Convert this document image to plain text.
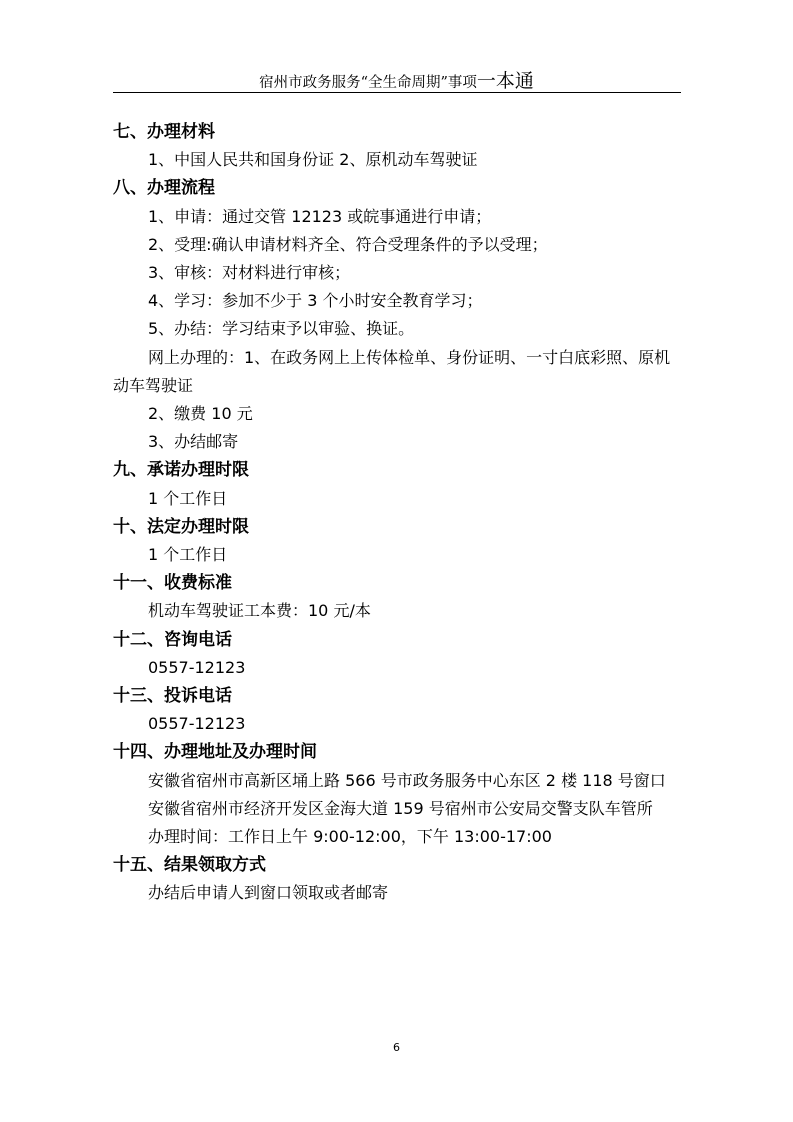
宿州市政务服务“全生命周期”事项一本通
七、办理材料
1、中国人民共和国身份证 2、原机动车驾驶证
八、办理流程
1、申请：通过交管 12123 或皖事通进行申请；
2、受理:确认申请材料齐全、符合受理条件的予以受理；
3、审核：对材料进行审核；
4、学习：参加不少于 3 个小时安全教育学习；
5、办结：学习结束予以审验、换证。
网上办理的：1、在政务网上上传体检单、身份证明、一寸白底彩照、原机动车驾驶证
2、缴费 10 元
3、办结邮寄
九、承诺办理时限
1 个工作日
十、法定办理时限
1 个工作日
十一、收费标准
机动车驾驶证工本费：10 元/本
十二、咨询电话
0557-12123
十三、投诉电话
0557-12123
十四、办理地址及办理时间
安徽省宿州市高新区埇上路 566 号市政务服务中心东区 2 楼 118 号窗口
安徽省宿州市经济开发区金海大道 159 号宿州市公安局交警支队车管所
办理时间：工作日上午 9:00-12:00，下午 13:00-17:00
十五、结果领取方式
办结后申请人到窗口领取或者邮寄
6
